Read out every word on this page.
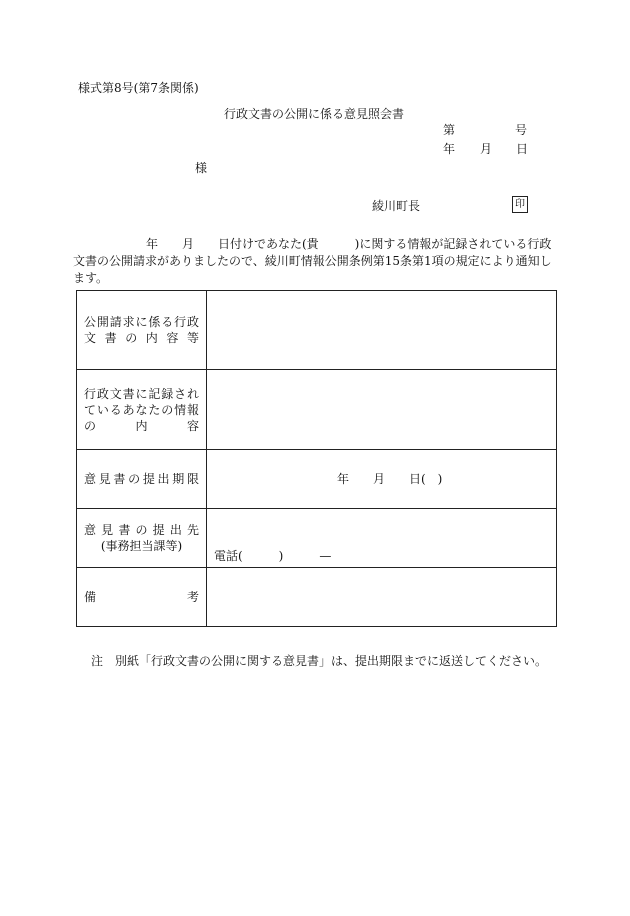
様式第8号(第7条関係)
行政文書の公開に係る意見照会書
第	号
年 月 日
様
綾川町長	印
年　　月　　日付けであなた(貴　　　)に関する情報が記録されている行政
文書の公開請求がありましたので、綾川町情報公開条例第15条第1項の規定により通知し
ます。
公開請求に係る行政文書の内容等	

行政文書に記録されているあなたの情報の内容	

意見書の提出期限	年　　月　　日(　)

意見書の提出先
(事務担当課等)	電話(　　　)　　　—

備 考	

注　別紙「行政文書の公開に関する意見書」は、提出期限までに返送してください。
